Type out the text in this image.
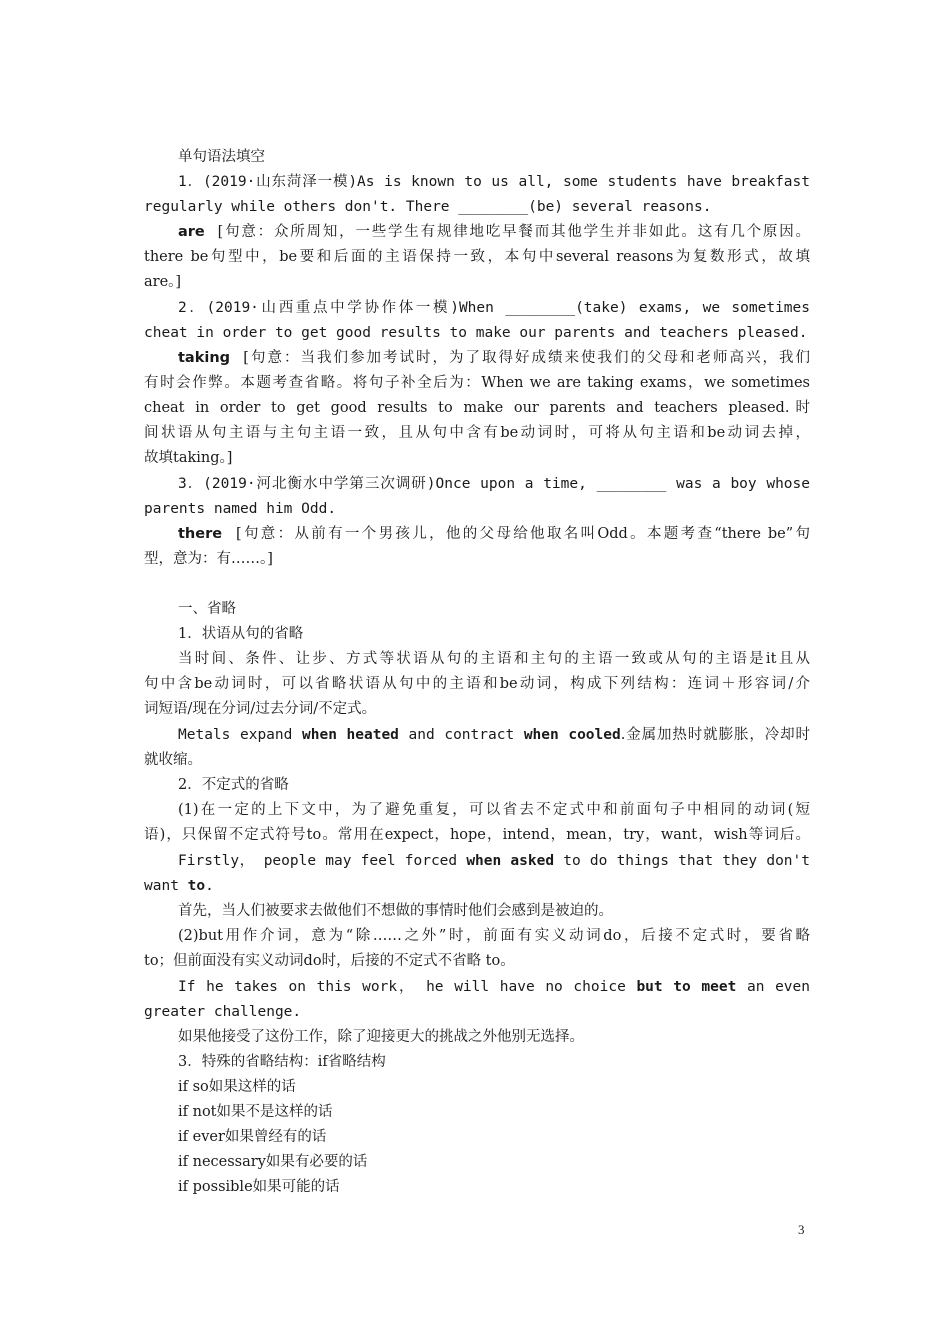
单句语法填空
1．(2019·山东菏泽一模)As is known to us all, some students have breakfast
regularly while others don't. There ________(be) several reasons.
are [句意：众所周知，一些学生有规律地吃早餐而其他学生并非如此。这有几个原因。
there be句型中，be要和后面的主语保持一致，本句中several reasons为复数形式，故填
are。]
2．(2019·山西重点中学协作体一模)When ________(take) exams, we sometimes
cheat in order to get good results to make our parents and teachers pleased.
taking [句意：当我们参加考试时，为了取得好成绩来使我们的父母和老师高兴，我们
有时会作弊。本题考查省略。将句子补全后为：When we are taking exams，we sometimes
cheat in order to get good results to make our parents and teachers pleased.时
间状语从句主语与主句主语一致，且从句中含有be动词时，可将从句主语和be动词去掉，
故填taking。]
3．(2019·河北衡水中学第三次调研)Once upon a time, ________ was a boy whose
parents named him Odd.
there [句意：从前有一个男孩儿，他的父母给他取名叫Odd。本题考查“there be”句
型，意为：有……。]
一、省略
1．状语从句的省略
当时间、条件、让步、方式等状语从句的主语和主句的主语一致或从句的主语是it且从
句中含be动词时，可以省略状语从句中的主语和be动词，构成下列结构：连词＋形容词/介
词短语/现在分词/过去分词/不定式。
Metals expand when heated and contract when cooled.金属加热时就膨胀，冷却时
就收缩。
2．不定式的省略
(1)在一定的上下文中，为了避免重复，可以省去不定式中和前面句子中相同的动词(短
语)，只保留不定式符号to。常用在expect，hope，intend，mean，try，want，wish等词后。
Firstly， people may feel forced when asked to do things that they don't
want to.
首先，当人们被要求去做他们不想做的事情时他们会感到是被迫的。
(2)but用作介词，意为“除……之外”时，前面有实义动词do，后接不定式时，要省略
to；但前面没有实义动词do时，后接的不定式不省略 to。
If he takes on this work， he will have no choice but to meet an even
greater challenge.
如果他接受了这份工作，除了迎接更大的挑战之外他别无选择。
3．特殊的省略结构：if省略结构
if so如果这样的话
if not如果不是这样的话
if ever如果曾经有的话
if necessary如果有必要的话
if possible如果可能的话
3
